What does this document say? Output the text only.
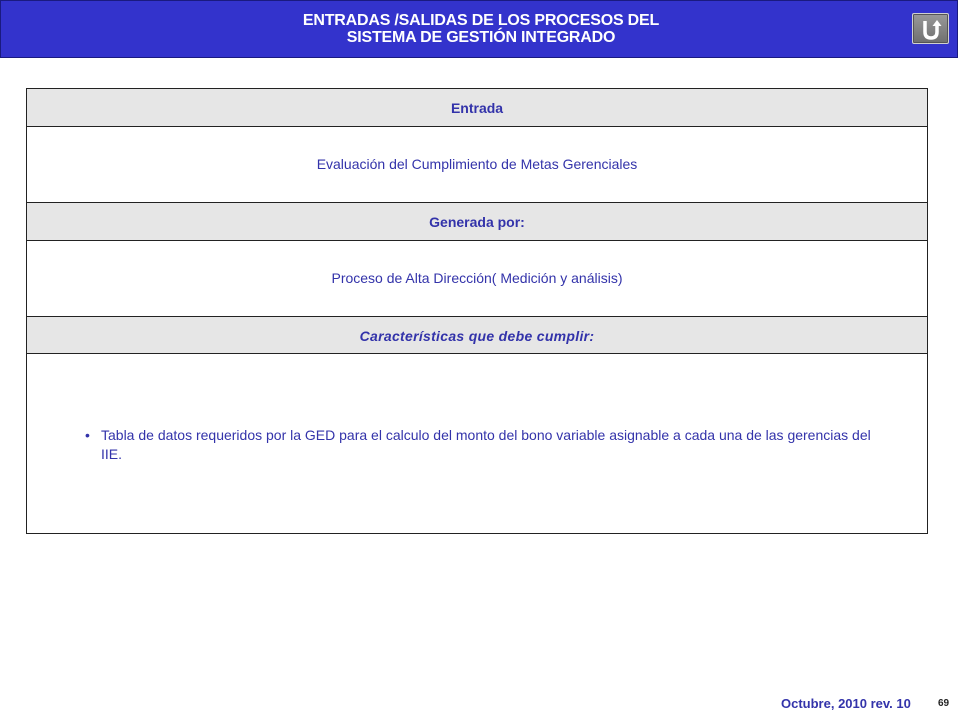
ENTRADAS /SALIDAS DE LOS PROCESOS DEL
SISTEMA DE GESTIÓN INTEGRADO
Entrada
Evaluación del Cumplimiento de Metas Gerenciales
Generada por:
Proceso de Alta Dirección( Medición y análisis)
Características que debe cumplir:
• Tabla de datos requeridos por la GED para el calculo del monto del bono variable asignable a cada una de las gerencias del IIE.
Octubre, 2010 rev. 10	69
